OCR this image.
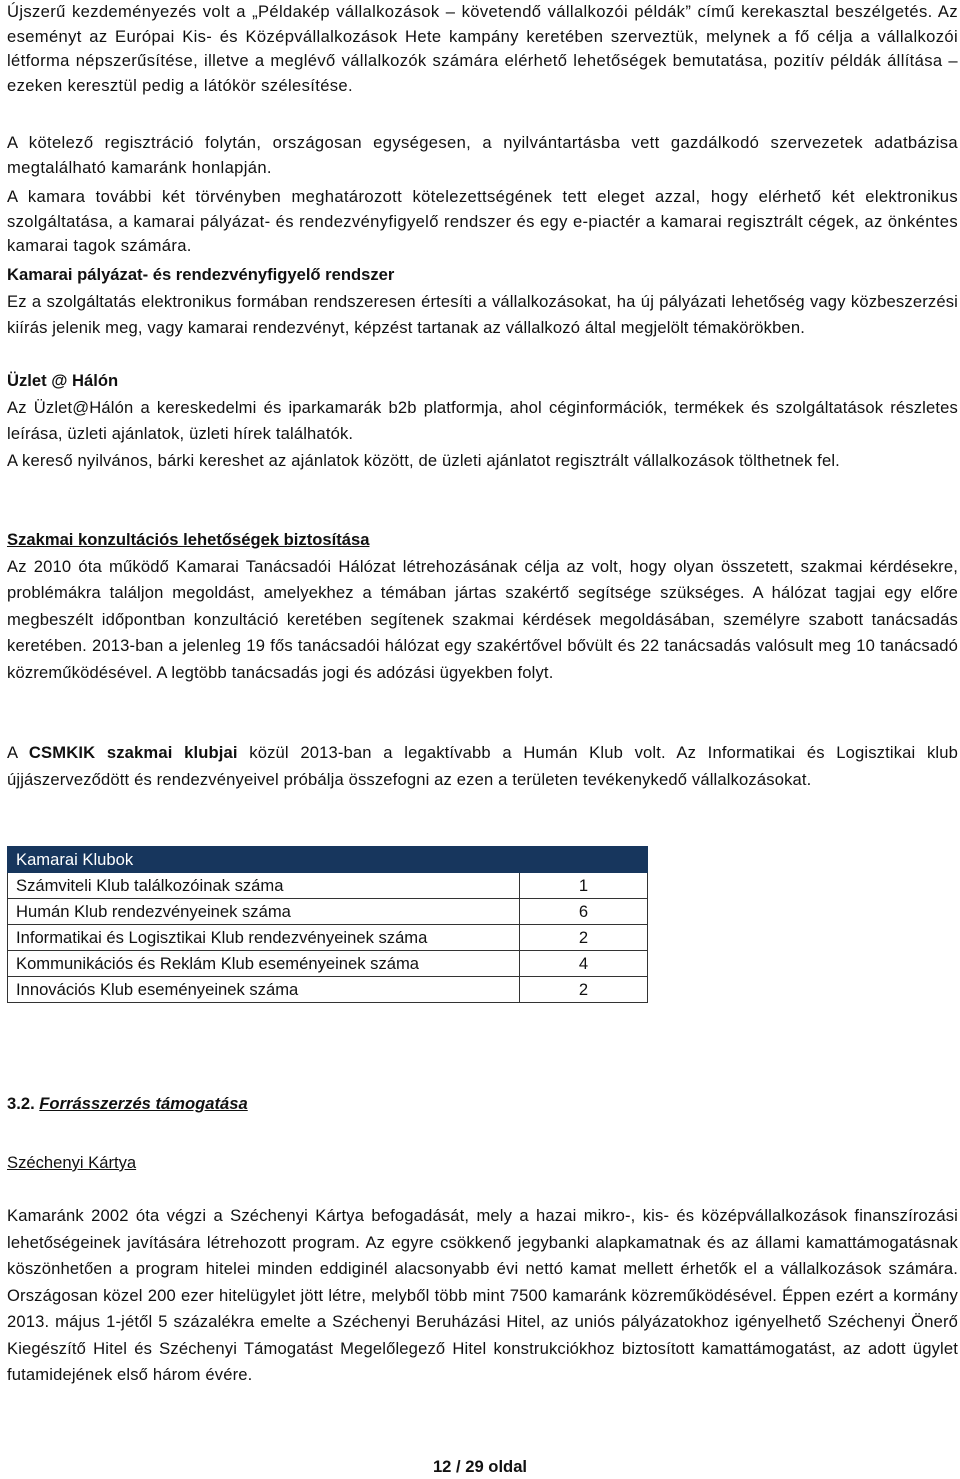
Újszerű kezdeményezés volt a „Példakép vállalkozások – követendő vállalkozói példák” című kerekasztal beszélgetés. Az eseményt az Európai Kis- és Középvállalkozások Hete kampány keretében szerveztük, melynek a fő célja a vállalkozói létforma népszerűsítése, illetve a meglévő vállalkozók számára elérhető lehetőségek bemutatása, pozitív példák állítása – ezeken keresztül pedig a látókör szélesítése.

A kötelező regisztráció folytán, országosan egységesen, a nyilvántartásba vett gazdálkodó szervezetek adatbázisa megtalálható kamaránk honlapján.

A kamara további két törvényben meghatározott kötelezettségének tett eleget azzal, hogy elérhető két elektronikus szolgáltatása, a kamarai pályázat- és rendezvényfigyelő rendszer és egy e-piactér a kamarai regisztrált cégek, az önkéntes kamarai tagok számára.

Kamarai pályázat- és rendezvényfigyelő rendszer

Ez a szolgáltatás elektronikus formában rendszeresen értesíti a vállalkozásokat, ha új pályázati lehetőség vagy közbeszerzési kiírás jelenik meg, vagy kamarai rendezvényt, képzést tartanak az vállalkozó által megjelölt témakörökben.

Üzlet @ Hálón

Az Üzlet@Hálón a kereskedelmi és iparkamarák b2b platformja, ahol céginformációk, termékek és szolgáltatások részletes leírása, üzleti ajánlatok, üzleti hírek találhatók.

A kereső nyilvános, bárki kereshet az ajánlatok között, de üzleti ajánlatot regisztrált vállalkozások tölthetnek fel.

Szakmai konzultációs lehetőségek biztosítása

Az 2010 óta működő Kamarai Tanácsadói Hálózat létrehozásának célja az volt, hogy olyan összetett, szakmai kérdésekre, problémákra találjon megoldást, amelyekhez a témában jártas szakértő segítsége szükséges. A hálózat tagjai egy előre megbeszélt időpontban konzultáció keretében segítenek szakmai kérdések megoldásában, személyre szabott tanácsadás keretében. 2013-ban a jelenleg 19 fős tanácsadói hálózat egy szakértővel bővült és 22 tanácsadás valósult meg 10 tanácsadó közreműködésével. A legtöbb tanácsadás jogi és adózási ügyekben folyt.

A CSMKIK szakmai klubjai közül 2013-ban a legaktívabb a Humán Klub volt. Az Informatikai és Logisztikai klub újjászerveződött és rendezvényeivel próbálja összefogni az ezen a területen tevékenykedő vállalkozásokat.

Kamarai Klubok	
Számviteli Klub találkozóinak száma	1
Humán Klub rendezvényeinek száma	6
Informatikai és Logisztikai Klub rendezvényeinek száma	2
Kommunikációs és Reklám Klub eseményeinek száma	4
Innovációs Klub eseményeinek száma	2
3.2. Forrásszerzés támogatása
Széchenyi Kártya

Kamaránk 2002 óta végzi a Széchenyi Kártya befogadását, mely a hazai mikro-, kis- és középvállalkozások finanszírozási lehetőségeinek javítására létrehozott program. Az egyre csökkenő jegybanki alapkamatnak és az állami kamattámogatásnak köszönhetően a program hitelei minden eddiginél alacsonyabb évi nettó kamat mellett érhetők el a vállalkozások számára. Országosan közel 200 ezer hitelügylet jött létre, melyből több mint 7500 kamaránk közreműködésével. Éppen ezért a kormány 2013. május 1-jétől 5 százalékra emelte a Széchenyi Beruházási Hitel, az uniós pályázatokhoz igényelhető Széchenyi Önerő Kiegészítő Hitel és Széchenyi Támogatást Megelőlegező Hitel konstrukciókhoz biztosított kamattámogatást, az adott ügylet futamidejének első három évére.

12 / 29 oldal
